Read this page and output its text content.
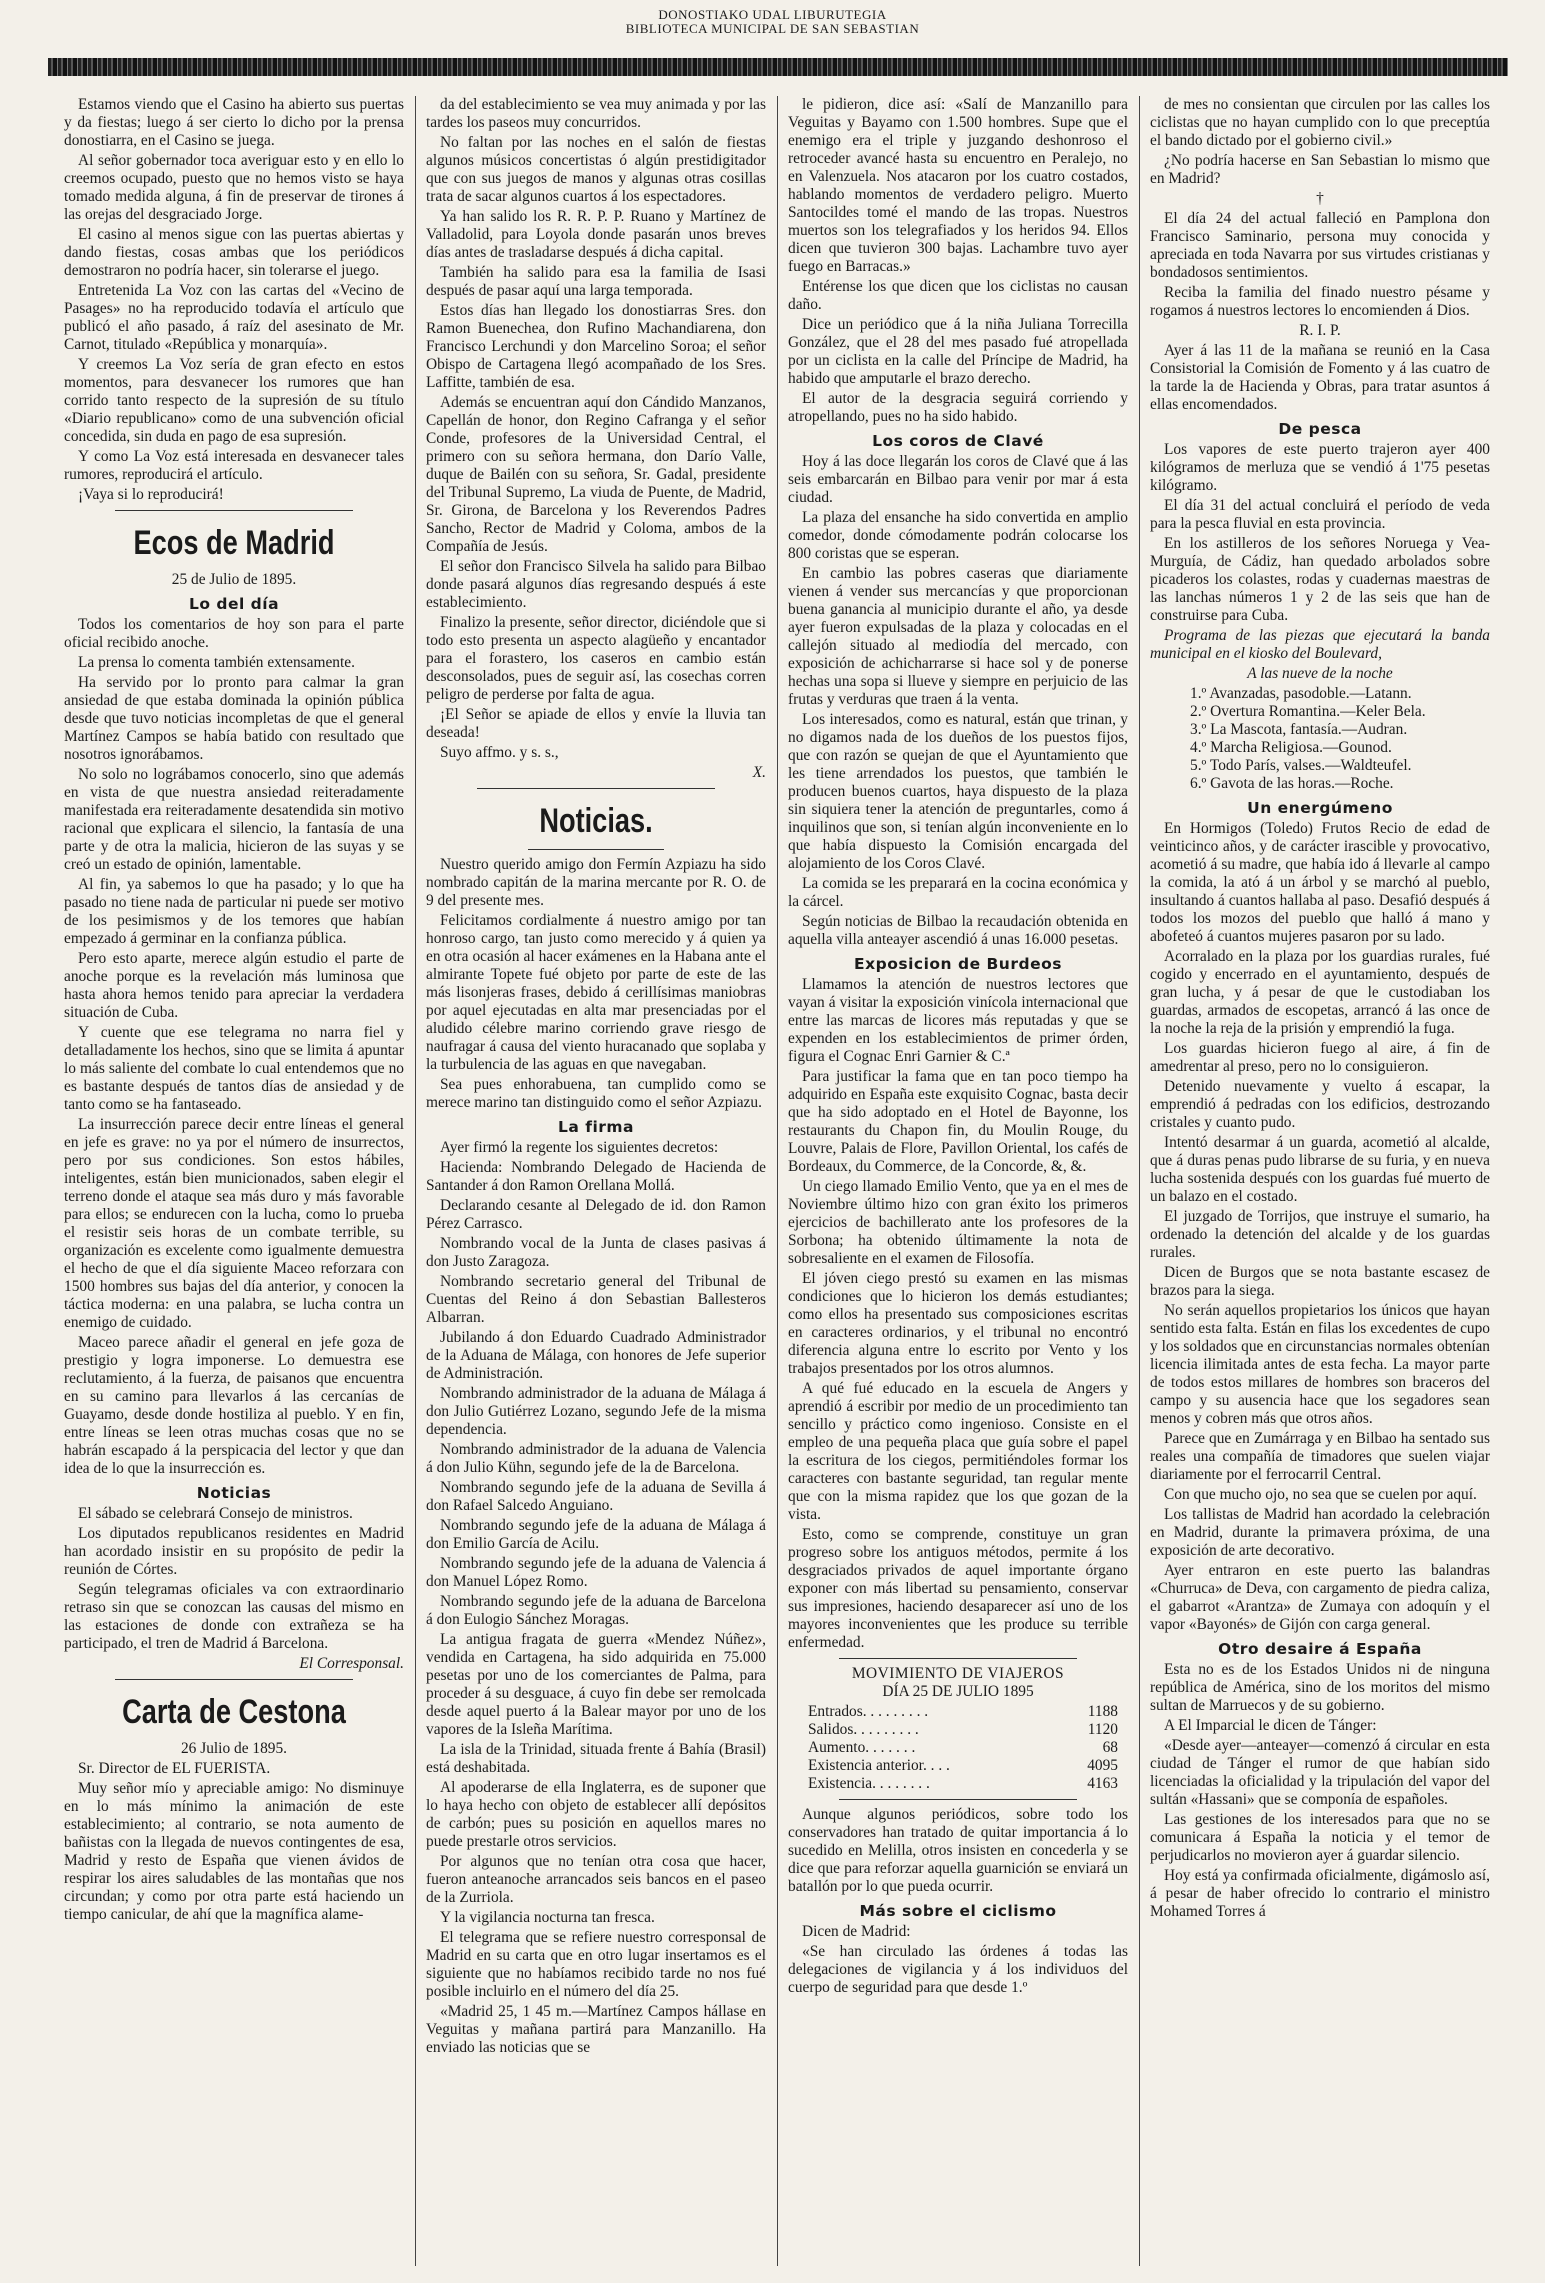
DONOSTIAKO UDAL LIBURUTEGIA
BIBLIOTECA MUNICIPAL DE SAN SEBASTIAN

Estamos viendo que el Casino ha abierto sus puertas y da fiestas; luego á ser cierto lo dicho por la prensa donostiarra, en el Casino se juega.

Al señor gobernador toca averiguar esto y en ello lo creemos ocupado, puesto que no hemos visto se haya tomado medida alguna, á fin de preservar de tirones á las orejas del desgraciado Jorge.

El casino al menos sigue con las puertas abiertas y dando fiestas, cosas ambas que los periódicos demostraron no podría hacer, sin tolerarse el juego.

Entretenida La Voz con las cartas del «Vecino de Pasages» no ha reproducido todavía el artículo que publicó el año pasado, á raíz del asesinato de Mr. Carnot, titulado «República y monarquía».

Y creemos La Voz sería de gran efecto en estos momentos, para desvanecer los rumores que han corrido tanto respecto de la supresión de su título «Diario republicano» como de una subvención oficial concedida, sin duda en pago de esa supresión.

Y como La Voz está interesada en desvanecer tales rumores, reproducirá el artículo.

¡Vaya si lo reproducirá!

Ecos de Madrid

25 de Julio de 1895.

Lo del día

Todos los comentarios de hoy son para el parte oficial recibido anoche.

La prensa lo comenta también extensamente.

Ha servido por lo pronto para calmar la gran ansiedad de que estaba dominada la opinión pública desde que tuvo noticias incompletas de que el general Martínez Campos se había batido con resultado que nosotros ignorábamos.

No solo no lográbamos conocerlo, sino que además en vista de que nuestra ansiedad reiteradamente manifestada era reiteradamente desatendida sin motivo racional que explicara el silencio, la fantasía de una parte y de otra la malicia, hicieron de las suyas y se creó un estado de opinión, lamentable.

Al fin, ya sabemos lo que ha pasado; y lo que ha pasado no tiene nada de particular ni puede ser motivo de los pesimismos y de los temores que habían empezado á germinar en la confianza pública.

Pero esto aparte, merece algún estudio el parte de anoche porque es la revelación más luminosa que hasta ahora hemos tenido para apreciar la verdadera situación de Cuba.

Y cuente que ese telegrama no narra fiel y detalladamente los hechos, sino que se limita á apuntar lo más saliente del combate lo cual entendemos que no es bastante después de tantos días de ansiedad y de tanto como se ha fantaseado.

La insurrección parece decir entre líneas el general en jefe es grave: no ya por el número de insurrectos, pero por sus condiciones. Son estos hábiles, inteligentes, están bien municionados, saben elegir el terreno donde el ataque sea más duro y más favorable para ellos; se endurecen con la lucha, como lo prueba el resistir seis horas de un combate terrible, su organización es excelente como igualmente demuestra el hecho de que el día siguiente Maceo reforzara con 1500 hombres sus bajas del día anterior, y conocen la táctica moderna: en una palabra, se lucha contra un enemigo de cuidado.

Maceo parece añadir el general en jefe goza de prestigio y logra imponerse. Lo demuestra ese reclutamiento, á la fuerza, de paisanos que encuentra en su camino para llevarlos á las cercanías de Guayamo, desde donde hostiliza al pueblo. Y en fin, entre líneas se leen otras muchas cosas que no se habrán escapado á la perspicacia del lector y que dan idea de lo que la insurrección es.

Noticias

El sábado se celebrará Consejo de ministros.

Los diputados republicanos residentes en Madrid han acordado insistir en su propósito de pedir la reunión de Córtes.

Según telegramas oficiales va con extraordinario retraso sin que se conozcan las causas del mismo en las estaciones de donde con extrañeza se ha participado, el tren de Madrid á Barcelona.

El Corresponsal.

Carta de Cestona

26 Julio de 1895.

Sr. Director de EL FUERISTA.

Muy señor mío y apreciable amigo: No disminuye en lo más mínimo la animación de este establecimiento; al contrario, se nota aumento de bañistas con la llegada de nuevos contingentes de esa, Madrid y resto de España que vienen ávidos de respirar los aires saludables de las montañas que nos circundan; y como por otra parte está haciendo un tiempo canicular, de ahí que la magnífica alame-

da del establecimiento se vea muy animada y por las tardes los paseos muy concurridos.

No faltan por las noches en el salón de fiestas algunos músicos concertistas ó algún prestidigitador que con sus juegos de manos y algunas otras cosillas trata de sacar algunos cuartos á los espectadores.

Ya han salido los R. R. P. P. Ruano y Martínez de Valladolid, para Loyola donde pasarán unos breves días antes de trasladarse después á dicha capital.

También ha salido para esa la familia de Isasi después de pasar aquí una larga temporada.

Estos días han llegado los donostiarras Sres. don Ramon Buenechea, don Rufino Machandiarena, don Francisco Lerchundi y don Marcelino Soroa; el señor Obispo de Cartagena llegó acompañado de los Sres. Laffitte, también de esa.

Además se encuentran aquí don Cándido Manzanos, Capellán de honor, don Regino Cafranga y el señor Conde, profesores de la Universidad Central, el primero con su señora hermana, don Darío Valle, duque de Bailén con su señora, Sr. Gadal, presidente del Tribunal Supremo, La viuda de Puente, de Madrid, Sr. Girona, de Barcelona y los Reverendos Padres Sancho, Rector de Madrid y Coloma, ambos de la Compañía de Jesús.

El señor don Francisco Silvela ha salido para Bilbao donde pasará algunos días regresando después á este establecimiento.

Finalizo la presente, señor director, diciéndole que si todo esto presenta un aspecto alagüeño y encantador para el forastero, los caseros en cambio están desconsolados, pues de seguir así, las cosechas corren peligro de perderse por falta de agua.

¡El Señor se apiade de ellos y envíe la lluvia tan deseada!

Suyo affmo. y s. s.,

X.

Noticias.

Nuestro querido amigo don Fermín Azpiazu ha sido nombrado capitán de la marina mercante por R. O. de 9 del presente mes.

Felicitamos cordialmente á nuestro amigo por tan honroso cargo, tan justo como merecido y á quien ya en otra ocasión al hacer exámenes en la Habana ante el almirante Topete fué objeto por parte de este de las más lisonjeras frases, debido á cerillísimas maniobras por aquel ejecutadas en alta mar presenciadas por el aludido célebre marino corriendo grave riesgo de naufragar á causa del viento huracanado que soplaba y la turbulencia de las aguas en que navegaban.

Sea pues enhorabuena, tan cumplido como se merece marino tan distinguido como el señor Azpiazu.

La firma

Ayer firmó la regente los siguientes decretos:

Hacienda: Nombrando Delegado de Hacienda de Santander á don Ramon Orellana Mollá.

Declarando cesante al Delegado de id. don Ramon Pérez Carrasco.

Nombrando vocal de la Junta de clases pasivas á don Justo Zaragoza.

Nombrando secretario general del Tribunal de Cuentas del Reino á don Sebastian Ballesteros Albarran.

Jubilando á don Eduardo Cuadrado Administrador de la Aduana de Málaga, con honores de Jefe superior de Administración.

Nombrando administrador de la aduana de Málaga á don Julio Gutiérrez Lozano, segundo Jefe de la misma dependencia.

Nombrando administrador de la aduana de Valencia á don Julio Kühn, segundo jefe de la de Barcelona.

Nombrando segundo jefe de la aduana de Sevilla á don Rafael Salcedo Anguiano.

Nombrando segundo jefe de la aduana de Málaga á don Emilio García de Acilu.

Nombrando segundo jefe de la aduana de Valencia á don Manuel López Romo.

Nombrando segundo jefe de la aduana de Barcelona á don Eulogio Sánchez Moragas.

La antigua fragata de guerra «Mendez Núñez», vendida en Cartagena, ha sido adquirida en 75.000 pesetas por uno de los comerciantes de Palma, para proceder á su desguace, á cuyo fin debe ser remolcada desde aquel puerto á la Balear mayor por uno de los vapores de la Isleña Marítima.

La isla de la Trinidad, situada frente á Bahía (Brasil) está deshabitada.

Al apoderarse de ella Inglaterra, es de suponer que lo haya hecho con objeto de establecer allí depósitos de carbón; pues su posición en aquellos mares no puede prestarle otros servicios.

Por algunos que no tenían otra cosa que hacer, fueron anteanoche arrancados seis bancos en el paseo de la Zurriola.

Y la vigilancia nocturna tan fresca.

El telegrama que se refiere nuestro corresponsal de Madrid en su carta que en otro lugar insertamos es el siguiente que no habíamos recibido tarde no nos fué posible incluirlo en el número del día 25.

«Madrid 25, 1 45 m.—Martínez Campos hállase en Veguitas y mañana partirá para Manzanillo. Ha enviado las noticias que se

le pidieron, dice así: «Salí de Manzanillo para Veguitas y Bayamo con 1.500 hombres. Supe que el enemigo era el triple y juzgando deshonroso el retroceder avancé hasta su encuentro en Peralejo, no en Valenzuela. Nos atacaron por los cuatro costados, hablando momentos de verdadero peligro. Muerto Santocildes tomé el mando de las tropas. Nuestros muertos son los telegrafiados y los heridos 94. Ellos dicen que tuvieron 300 bajas. Lachambre tuvo ayer fuego en Barracas.»

Entérense los que dicen que los ciclistas no causan daño.

Dice un periódico que á la niña Juliana Torrecilla González, que el 28 del mes pasado fué atropellada por un ciclista en la calle del Príncipe de Madrid, ha habido que amputarle el brazo derecho.

El autor de la desgracia seguirá corriendo y atropellando, pues no ha sido habido.

Los coros de Clavé

Hoy á las doce llegarán los coros de Clavé que á las seis embarcarán en Bilbao para venir por mar á esta ciudad.

La plaza del ensanche ha sido convertida en amplio comedor, donde cómodamente podrán colocarse los 800 coristas que se esperan.

En cambio las pobres caseras que diariamente vienen á vender sus mercancías y que proporcionan buena ganancia al municipio durante el año, ya desde ayer fueron expulsadas de la plaza y colocadas en el callejón situado al mediodía del mercado, con exposición de achicharrarse si hace sol y de ponerse hechas una sopa si llueve y siempre en perjuicio de las frutas y verduras que traen á la venta.

Los interesados, como es natural, están que trinan, y no digamos nada de los dueños de los puestos fijos, que con razón se quejan de que el Ayuntamiento que les tiene arrendados los puestos, que también le producen buenos cuartos, haya dispuesto de la plaza sin siquiera tener la atención de preguntarles, como á inquilinos que son, si tenían algún inconveniente en lo que había dispuesto la Comisión encargada del alojamiento de los Coros Clavé.

La comida se les preparará en la cocina económica y la cárcel.

Según noticias de Bilbao la recaudación obtenida en aquella villa anteayer ascendió á unas 16.000 pesetas.

Exposicion de Burdeos

Llamamos la atención de nuestros lectores que vayan á visitar la exposición vinícola internacional que entre las marcas de licores más reputadas y que se expenden en los establecimientos de primer órden, figura el Cognac Enri Garnier & C.ª

Para justificar la fama que en tan poco tiempo ha adquirido en España este exquisito Cognac, basta decir que ha sido adoptado en el Hotel de Bayonne, los restaurants du Chapon fin, du Moulin Rouge, du Louvre, Palais de Flore, Pavillon Oriental, los cafés de Bordeaux, du Commerce, de la Concorde, &, &.

Un ciego llamado Emilio Vento, que ya en el mes de Noviembre último hizo con gran éxito los primeros ejercicios de bachillerato ante los profesores de la Sorbona; ha obtenido últimamente la nota de sobresaliente en el examen de Filosofía.

El jóven ciego prestó su examen en las mismas condiciones que lo hicieron los demás estudiantes; como ellos ha presentado sus composiciones escritas en caracteres ordinarios, y el tribunal no encontró diferencia alguna entre lo escrito por Vento y los trabajos presentados por los otros alumnos.

A qué fué educado en la escuela de Angers y aprendió á escribir por medio de un procedimiento tan sencillo y práctico como ingenioso. Consiste en el empleo de una pequeña placa que guía sobre el papel la escritura de los ciegos, permitiéndoles formar los caracteres con bastante seguridad, tan regular mente que con la misma rapidez que los que gozan de la vista.

Esto, como se comprende, constituye un gran progreso sobre los antiguos métodos, permite á los desgraciados privados de aquel importante órgano exponer con más libertad su pensamiento, conservar sus impresiones, haciendo desaparecer así uno de los mayores inconvenientes que les produce su terrible enfermedad.

MOVIMIENTO DE VIAJEROS

DÍA 25 DE JULIO 1895

Entrados. . . . . . . . .	1188
Salidos. . . . . . . . .	1120
Aumento. . . . . . .	68
Existencia anterior. . . .	4095
Existencia. . . . . . . .	4163

Aunque algunos periódicos, sobre todo los conservadores han tratado de quitar importancia á lo sucedido en Melilla, otros insisten en concederla y se dice que para reforzar aquella guarnición se enviará un batallón por lo que pueda ocurrir.

Más sobre el ciclismo

Dicen de Madrid:

«Se han circulado las órdenes á todas las delegaciones de vigilancia y á los individuos del cuerpo de seguridad para que desde 1.º

de mes no consientan que circulen por las calles los ciclistas que no hayan cumplido con lo que preceptúa el bando dictado por el gobierno civil.»

¿No podría hacerse en San Sebastian lo mismo que en Madrid?

†

El día 24 del actual falleció en Pamplona don Francisco Saminario, persona muy conocida y apreciada en toda Navarra por sus virtudes cristianas y bondadosos sentimientos.

Reciba la familia del finado nuestro pésame y rogamos á nuestros lectores lo encomienden á Dios.

R. I. P.

Ayer á las 11 de la mañana se reunió en la Casa Consistorial la Comisión de Fomento y á las cuatro de la tarde la de Hacienda y Obras, para tratar asuntos á ellas encomendados.

De pesca

Los vapores de este puerto trajeron ayer 400 kilógramos de merluza que se vendió á 1'75 pesetas kilógramo.

El día 31 del actual concluirá el período de veda para la pesca fluvial en esta provincia.

En los astilleros de los señores Noruega y Vea-Murguía, de Cádiz, han quedado arbolados sobre picaderos los colastes, rodas y cuadernas maestras de las lanchas números 1 y 2 de las seis que han de construirse para Cuba.

Programa de las piezas que ejecutará la banda municipal en el kiosko del Boulevard,

A las nueve de la noche

1.º Avanzadas, pasodoble.—Latann.
2.º Overtura Romantina.—Keler Bela.
3.º La Mascota, fantasía.—Audran.
4.º Marcha Religiosa.—Gounod.
5.º Todo París, valses.—Waldteufel.
6.º Gavota de las horas.—Roche.
Un energúmeno

En Hormigos (Toledo) Frutos Recio de edad de veinticinco años, y de carácter irascible y provocativo, acometió á su madre, que había ido á llevarle al campo la comida, la ató á un árbol y se marchó al pueblo, insultando á cuantos hallaba al paso. Desafió después á todos los mozos del pueblo que halló á mano y abofeteó á cuantos mujeres pasaron por su lado.

Acorralado en la plaza por los guardias rurales, fué cogido y encerrado en el ayuntamiento, después de gran lucha, y á pesar de que le custodiaban los guardas, armados de escopetas, arrancó á las once de la noche la reja de la prisión y emprendió la fuga.

Los guardas hicieron fuego al aire, á fin de amedrentar al preso, pero no lo consiguieron.

Detenido nuevamente y vuelto á escapar, la emprendió á pedradas con los edificios, destrozando cristales y cuanto pudo.

Intentó desarmar á un guarda, acometió al alcalde, que á duras penas pudo librarse de su furia, y en nueva lucha sostenida después con los guardas fué muerto de un balazo en el costado.

El juzgado de Torrijos, que instruye el sumario, ha ordenado la detención del alcalde y de los guardas rurales.

Dicen de Burgos que se nota bastante escasez de brazos para la siega.

No serán aquellos propietarios los únicos que hayan sentido esta falta. Están en filas los excedentes de cupo y los soldados que en circunstancias normales obtenían licencia ilimitada antes de esta fecha. La mayor parte de todos estos millares de hombres son braceros del campo y su ausencia hace que los segadores sean menos y cobren más que otros años.

Parece que en Zumárraga y en Bilbao ha sentado sus reales una compañía de timadores que suelen viajar diariamente por el ferrocarril Central.

Con que mucho ojo, no sea que se cuelen por aquí.

Los tallistas de Madrid han acordado la celebración en Madrid, durante la primavera próxima, de una exposición de arte decorativo.

Ayer entraron en este puerto las balandras «Churruca» de Deva, con cargamento de piedra caliza, el gabarrot «Arantza» de Zumaya con adoquín y el vapor «Bayonés» de Gijón con carga general.

Otro desaire á España

Esta no es de los Estados Unidos ni de ninguna república de América, sino de los moritos del mismo sultan de Marruecos y de su gobierno.

A El Imparcial le dicen de Tánger:

«Desde ayer—anteayer—comenzó á circular en esta ciudad de Tánger el rumor de que habían sido licenciadas la oficialidad y la tripulación del vapor del sultán «Hassani» que se componía de españoles.

Las gestiones de los interesados para que no se comunicara á España la noticia y el temor de perjudicarlos no movieron ayer á guardar silencio.

Hoy está ya confirmada oficialmente, digámoslo así, á pesar de haber ofrecido lo contrario el ministro Mohamed Torres á
